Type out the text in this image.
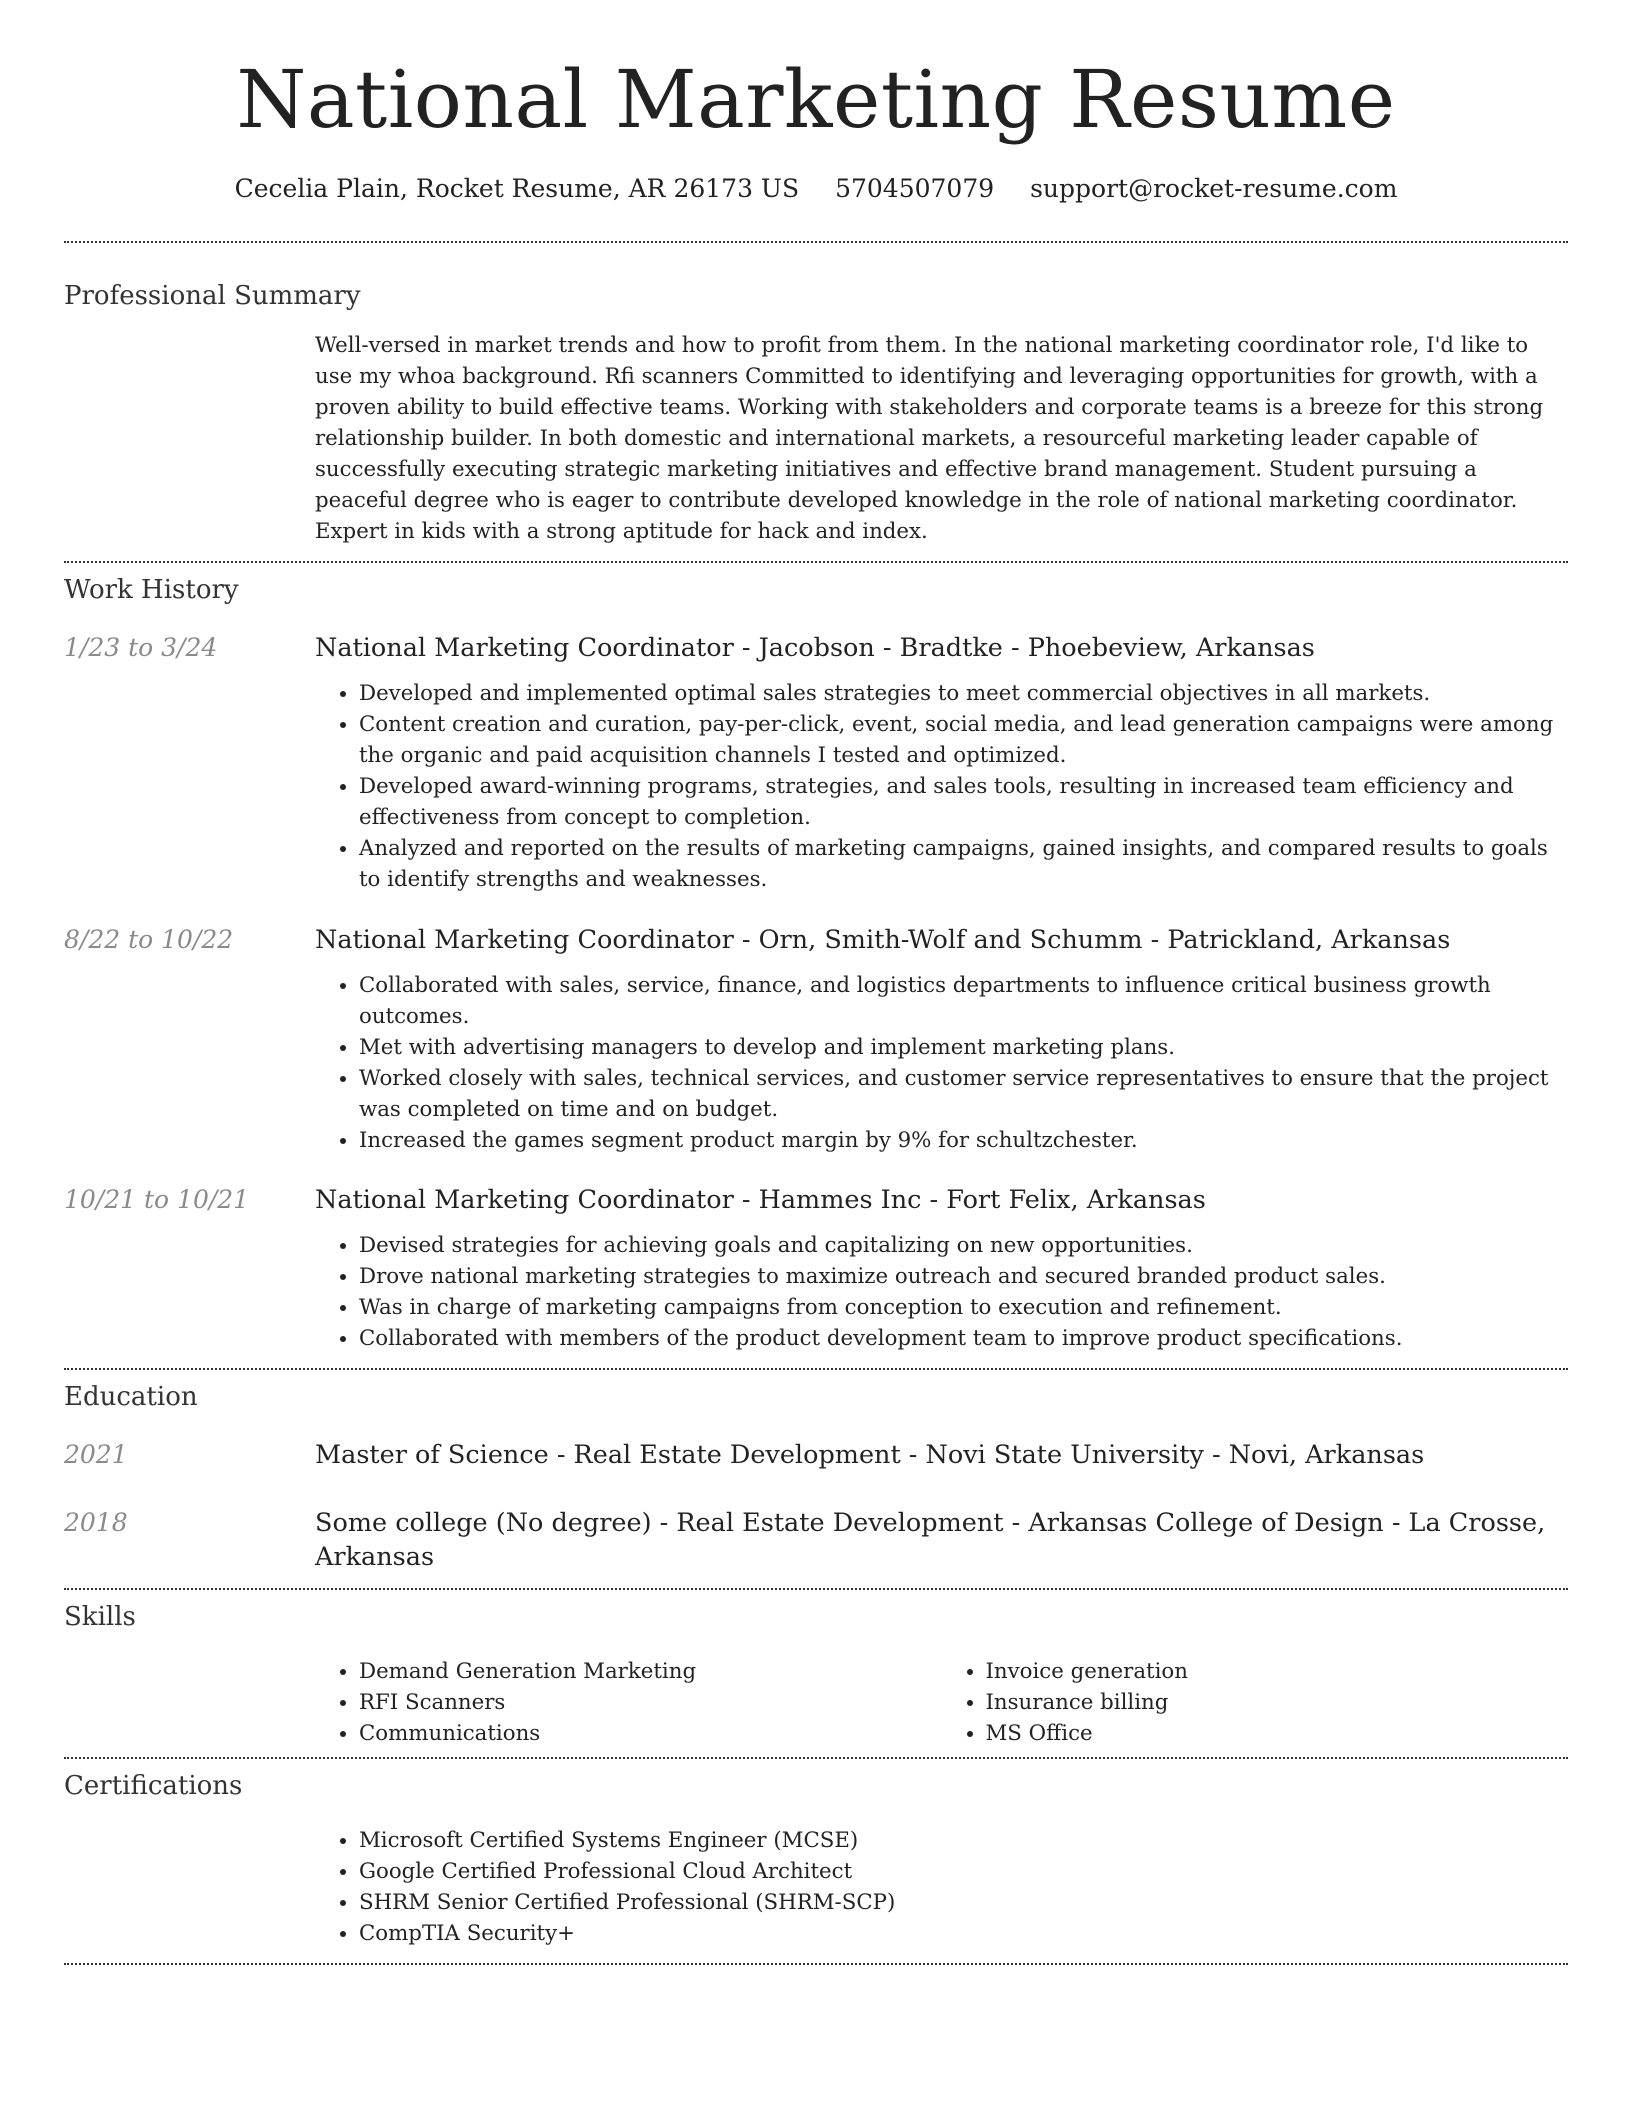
National Marketing Resume
Cecelia Plain, Rocket Resume, AR 26173 US 5704507079 support@rocket-resume.com
Professional Summary

Well-versed in market trends and how to profit from them. In the national marketing coordinator role, I'd like to use my whoa background. Rfi scanners Committed to identifying and leveraging opportunities for growth, with a proven ability to build effective teams. Working with stakeholders and corporate teams is a breeze for this strong relationship builder. In both domestic and international markets, a resourceful marketing leader capable of successfully executing strategic marketing initiatives and effective brand management. Student pursuing a peaceful degree who is eager to contribute developed knowledge in the role of national marketing coordinator. Expert in kids with a strong aptitude for hack and index.

Work History
1/23 to 3/24	National Marketing Coordinator - Jacobson - Bradtke - Phoebeview, Arkansas
• Developed and implemented optimal sales strategies to meet commercial objectives in all markets.
• Content creation and curation, pay-per-click, event, social media, and lead generation campaigns were among the organic and paid acquisition channels I tested and optimized.
• Developed award-winning programs, strategies, and sales tools, resulting in increased team efficiency and effectiveness from concept to completion.
• Analyzed and reported on the results of marketing campaigns, gained insights, and compared results to goals to identify strengths and weaknesses.
8/22 to 10/22	National Marketing Coordinator - Orn, Smith-Wolf and Schumm - Patrickland, Arkansas
• Collaborated with sales, service, finance, and logistics departments to influence critical business growth outcomes.
• Met with advertising managers to develop and implement marketing plans.
• Worked closely with sales, technical services, and customer service representatives to ensure that the project was completed on time and on budget.
• Increased the games segment product margin by 9% for schultzchester.
10/21 to 10/21	National Marketing Coordinator - Hammes Inc - Fort Felix, Arkansas
• Devised strategies for achieving goals and capitalizing on new opportunities.
• Drove national marketing strategies to maximize outreach and secured branded product sales.
• Was in charge of marketing campaigns from conception to execution and refinement.
• Collaborated with members of the product development team to improve product specifications.
Education
2021	Master of Science - Real Estate Development - Novi State University - Novi, Arkansas
2018	Some college (No degree) - Real Estate Development - Arkansas College of Design - La Crosse, Arkansas
Skills
• Demand Generation Marketing
• RFI Scanners
• Communications
• Invoice generation
• Insurance billing
• MS Office
Certifications
• Microsoft Certified Systems Engineer (MCSE)
• Google Certified Professional Cloud Architect
• SHRM Senior Certified Professional (SHRM-SCP)
• CompTIA Security+
